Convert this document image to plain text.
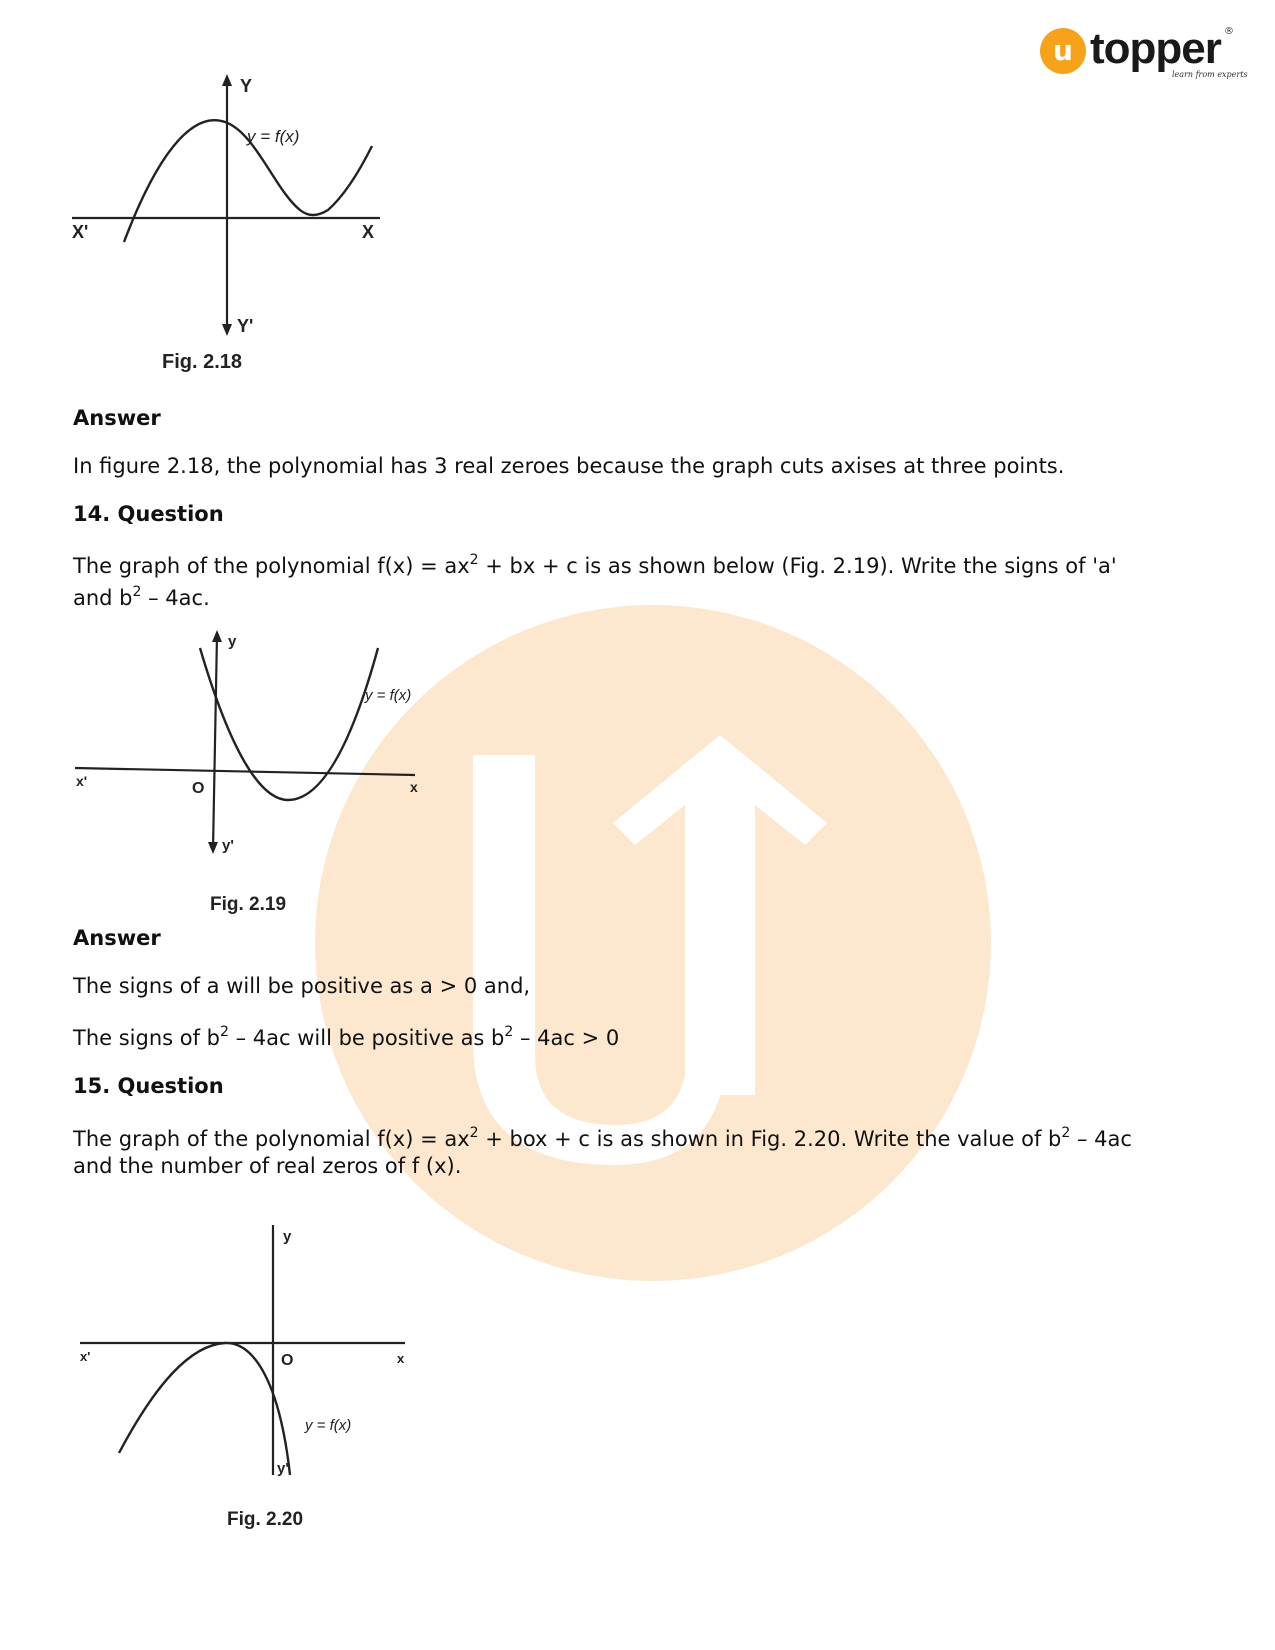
u topper
learn from experts
®
Y
Y'
X'	X
y = f(x)
Fig. 2.18
Answer
In figure 2.18, the polynomial has 3 real zeroes because the graph cuts axises at three points.
14. Question
The graph of the polynomial $f(x) = ax^2$ + bx + c is as shown below (Fig. 2.19). Write the signs of 'a'
and $b^2 - 4ac$.
y
y'
x'	x
O
y = f(x)
Fig. 2.19
Answer
The signs of a will be positive as a > 0 and,
The signs of $b^2 - 4ac$ will be positive as $b^2 - 4ac > 0$
15. Question
The graph of the polynomial $f(x) = ax^2$ + box + c is as shown in Fig. 2.20. Write the value of $b^2 - 4ac$
and the number of real zeros of f (x).
y
y'
x'	x
O
y = f(x)
Fig. 2.20
